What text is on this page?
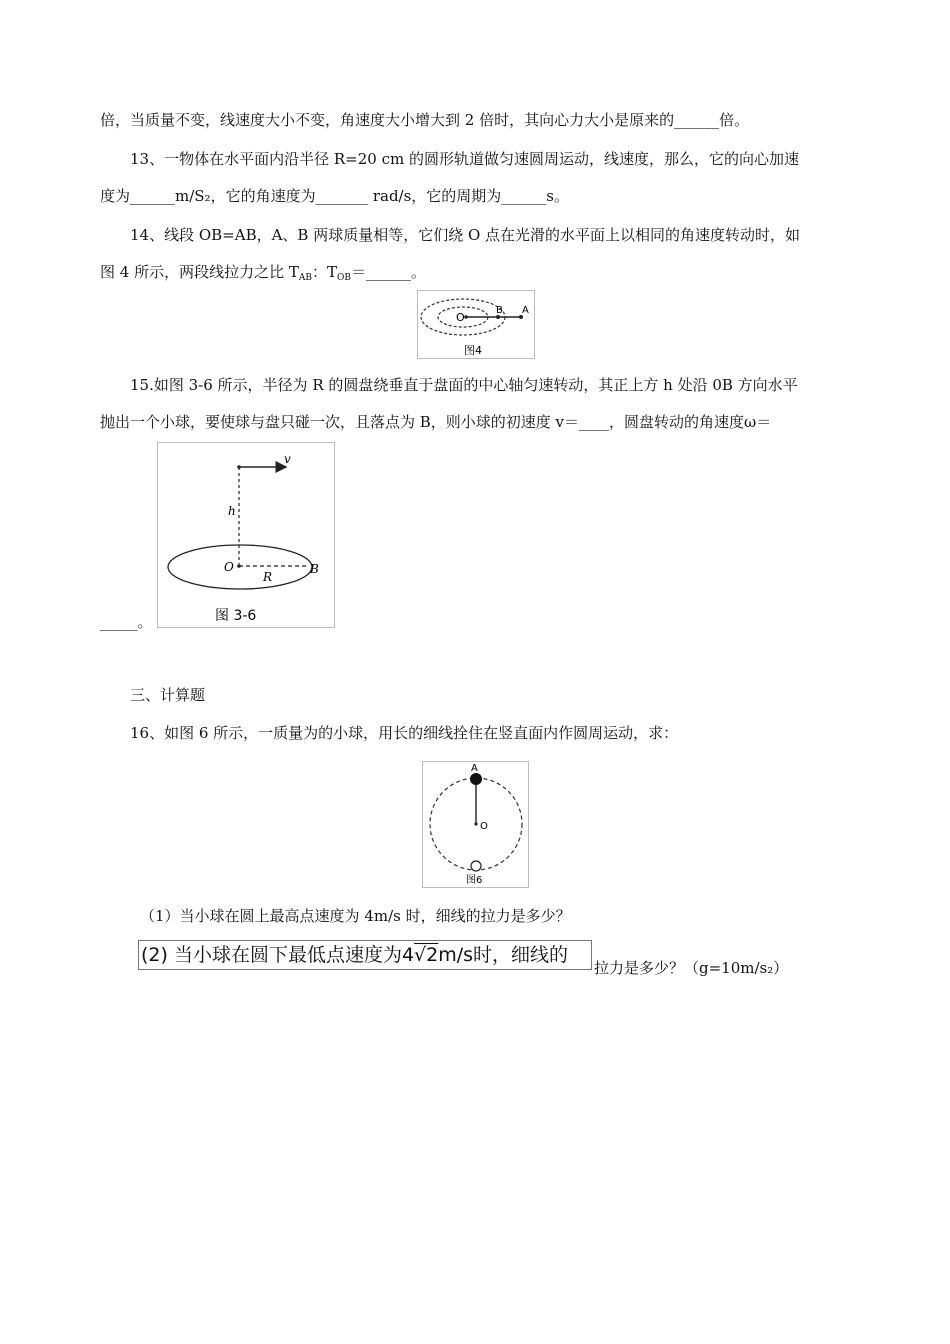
倍，当质量不变，线速度大小不变，角速度大小增大到 2 倍时，其向心力大小是原来的______倍。
13、一物体在水平面内沿半径 R=20 cm 的圆形轨道做匀速圆周运动，线速度，那么，它的向心加速
度为______m/S₂，它的角速度为_______ rad/s，它的周期为______s。
14、线段 OB=AB，A、B 两球质量相等，它们绕 O 点在光滑的水平面上以相同的角速度转动时，如
图 4 所示，两段线拉力之比 $T_{AB}$：$T_{OB}=\_\_\_\_\_\_$。
O
B A
图4
15.如图 3-6 所示，半径为 R 的圆盘绕垂直于盘面的中心轴匀速转动，其正上方 h 处沿 0B 方向水平
抛出一个小球，要使球与盘只碰一次，且落点为 B，则小球的初速度 v＝____，圆盘转动的角速度ω＝
v
h
O
R
B
图 3-6
_____。
三、计算题
16、如图 6 所示，一质量为的小球，用长的细线拴住在竖直面内作圆周运动，求：
A
O
图6
（1）当小球在圆上最高点速度为 4m/s 时，细线的拉力是多少？
(2) 当小球在圆下最低点速度为4√2m/s时，细线的
拉力是多少？（g=10m/s₂）
